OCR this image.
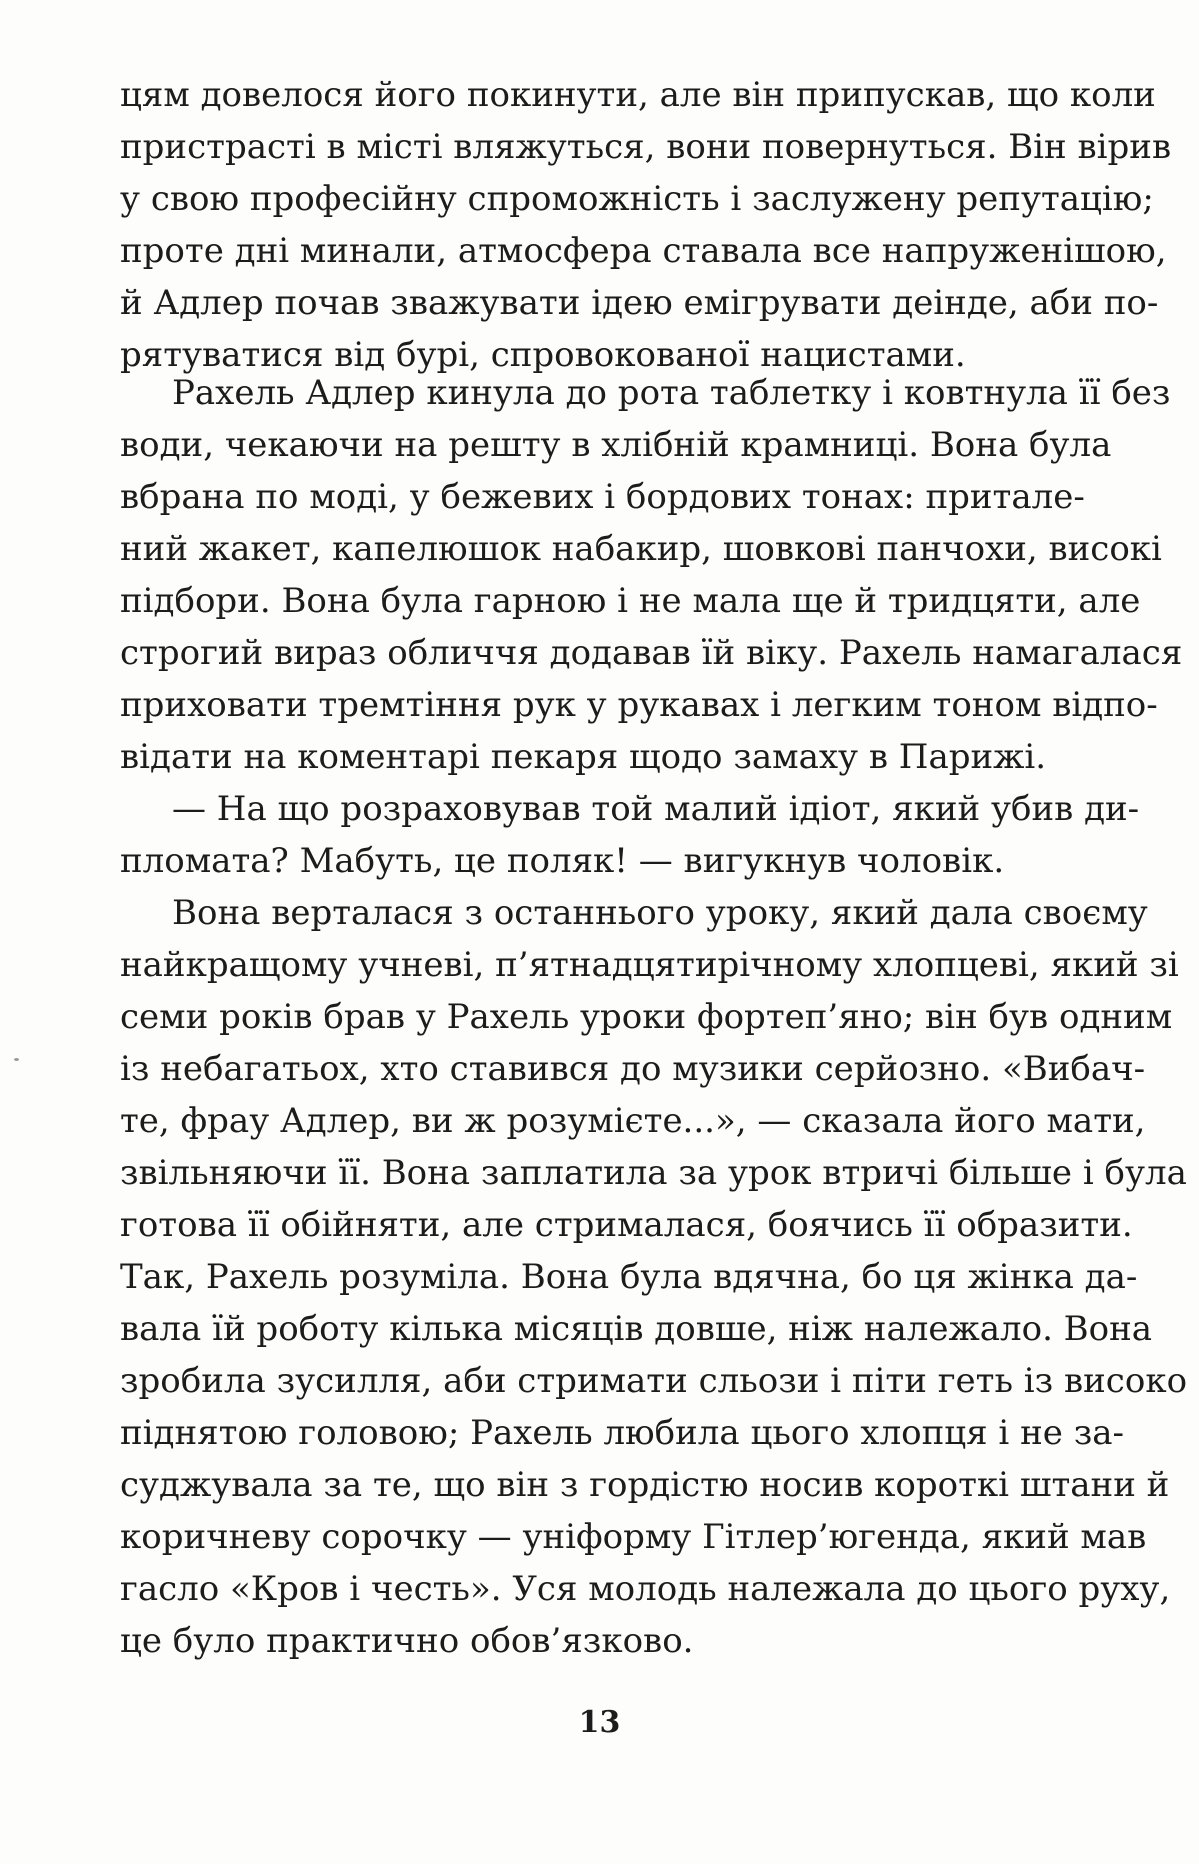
цям довелося його покинути, але він припускав, що коли
пристрасті в місті вляжуться, вони повернуться. Він вірив
у свою професійну спроможність і заслужену репутацію;
проте дні минали, атмосфера ставала все напруженішою,
й Адлер почав зважувати ідею емігрувати деінде, аби по-
рятуватися від бурі, спровокованої нацистами.
Рахель Адлер кинула до рота таблетку і ковтнула її без
води, чекаючи на решту в хлібній крамниці. Вона була
вбрана по моді, у бежевих і бордових тонах: притале-
ний жакет, капелюшок набакир, шовкові панчохи, високі
підбори. Вона була гарною і не мала ще й тридцяти, але
строгий вираз обличчя додавав їй віку. Рахель намагалася
приховати тремтіння рук у рукавах і легким тоном відпо-
відати на коментарі пекаря щодо замаху в Парижі.
— На що розраховував той малий ідіот, який убив ди-
пломата? Мабуть, це поляк! — вигукнув чоловік.
Вона верталася з останнього уроку, який дала своєму
найкращому учневі, п’ятнадцятирічному хлопцеві, який зі
семи років брав у Рахель уроки фортеп’яно; він був одним
із небагатьох, хто ставився до музики серйозно. «Вибач-
те, фрау Адлер, ви ж розумієте...», — сказала його мати,
звільняючи її. Вона заплатила за урок втричі більше і була
готова її обійняти, але стрималася, боячись її образити.
Так, Рахель розуміла. Вона була вдячна, бо ця жінка да-
вала їй роботу кілька місяців довше, ніж належало. Вона
зробила зусилля, аби стримати сльози і піти геть із високо
піднятою головою; Рахель любила цього хлопця і не за-
суджувала за те, що він з гордістю носив короткі штани й
коричневу сорочку — уніформу Гітлер’югенда, який мав
гасло «Кров і честь». Уся молодь належала до цього руху,
це було практично обов’язково.
13
